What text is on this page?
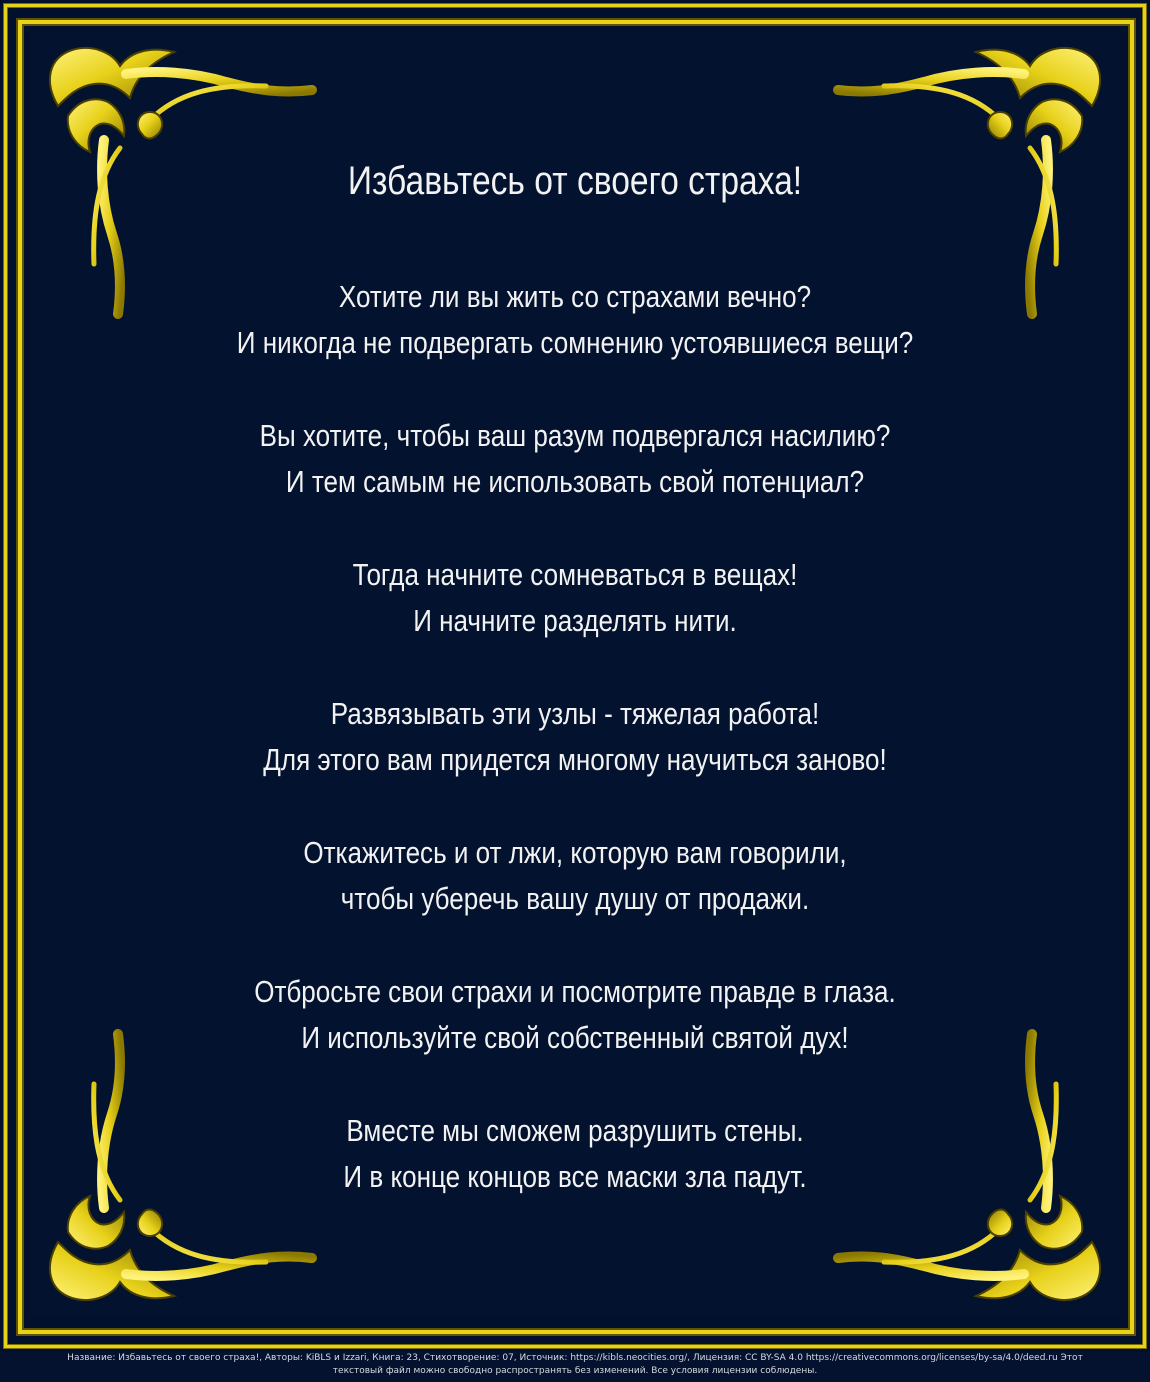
Избавьтесь от своего страха!
Хотите ли вы жить со страхами вечно?
И никогда не подвергать сомнению устоявшиеся вещи?
Вы хотите, чтобы ваш разум подвергался насилию?
И тем самым не использовать свой потенциал?
Тогда начните сомневаться в вещах!
И начните разделять нити.
Развязывать эти узлы - тяжелая работа!
Для этого вам придется многому научиться заново!
Откажитесь и от лжи, которую вам говорили,
чтобы уберечь вашу душу от продажи.
Отбросьте свои страхи и посмотрите правде в глаза.
И используйте свой собственный святой дух!
Вместе мы сможем разрушить стены.
И в конце концов все маски зла падут.
Название: Избавьтесь от своего страха!, Авторы: KiBLS и Izzari, Книга: 23, Стихотворение: 07, Источник: https://kibls.neocities.org/, Лицензия: CC BY-SA 4.0 https://creativecommons.org/licenses/by-sa/4.0/deed.ru Этот
текстовый файл можно свободно распространять без изменений. Все условия лицензии соблюдены.
